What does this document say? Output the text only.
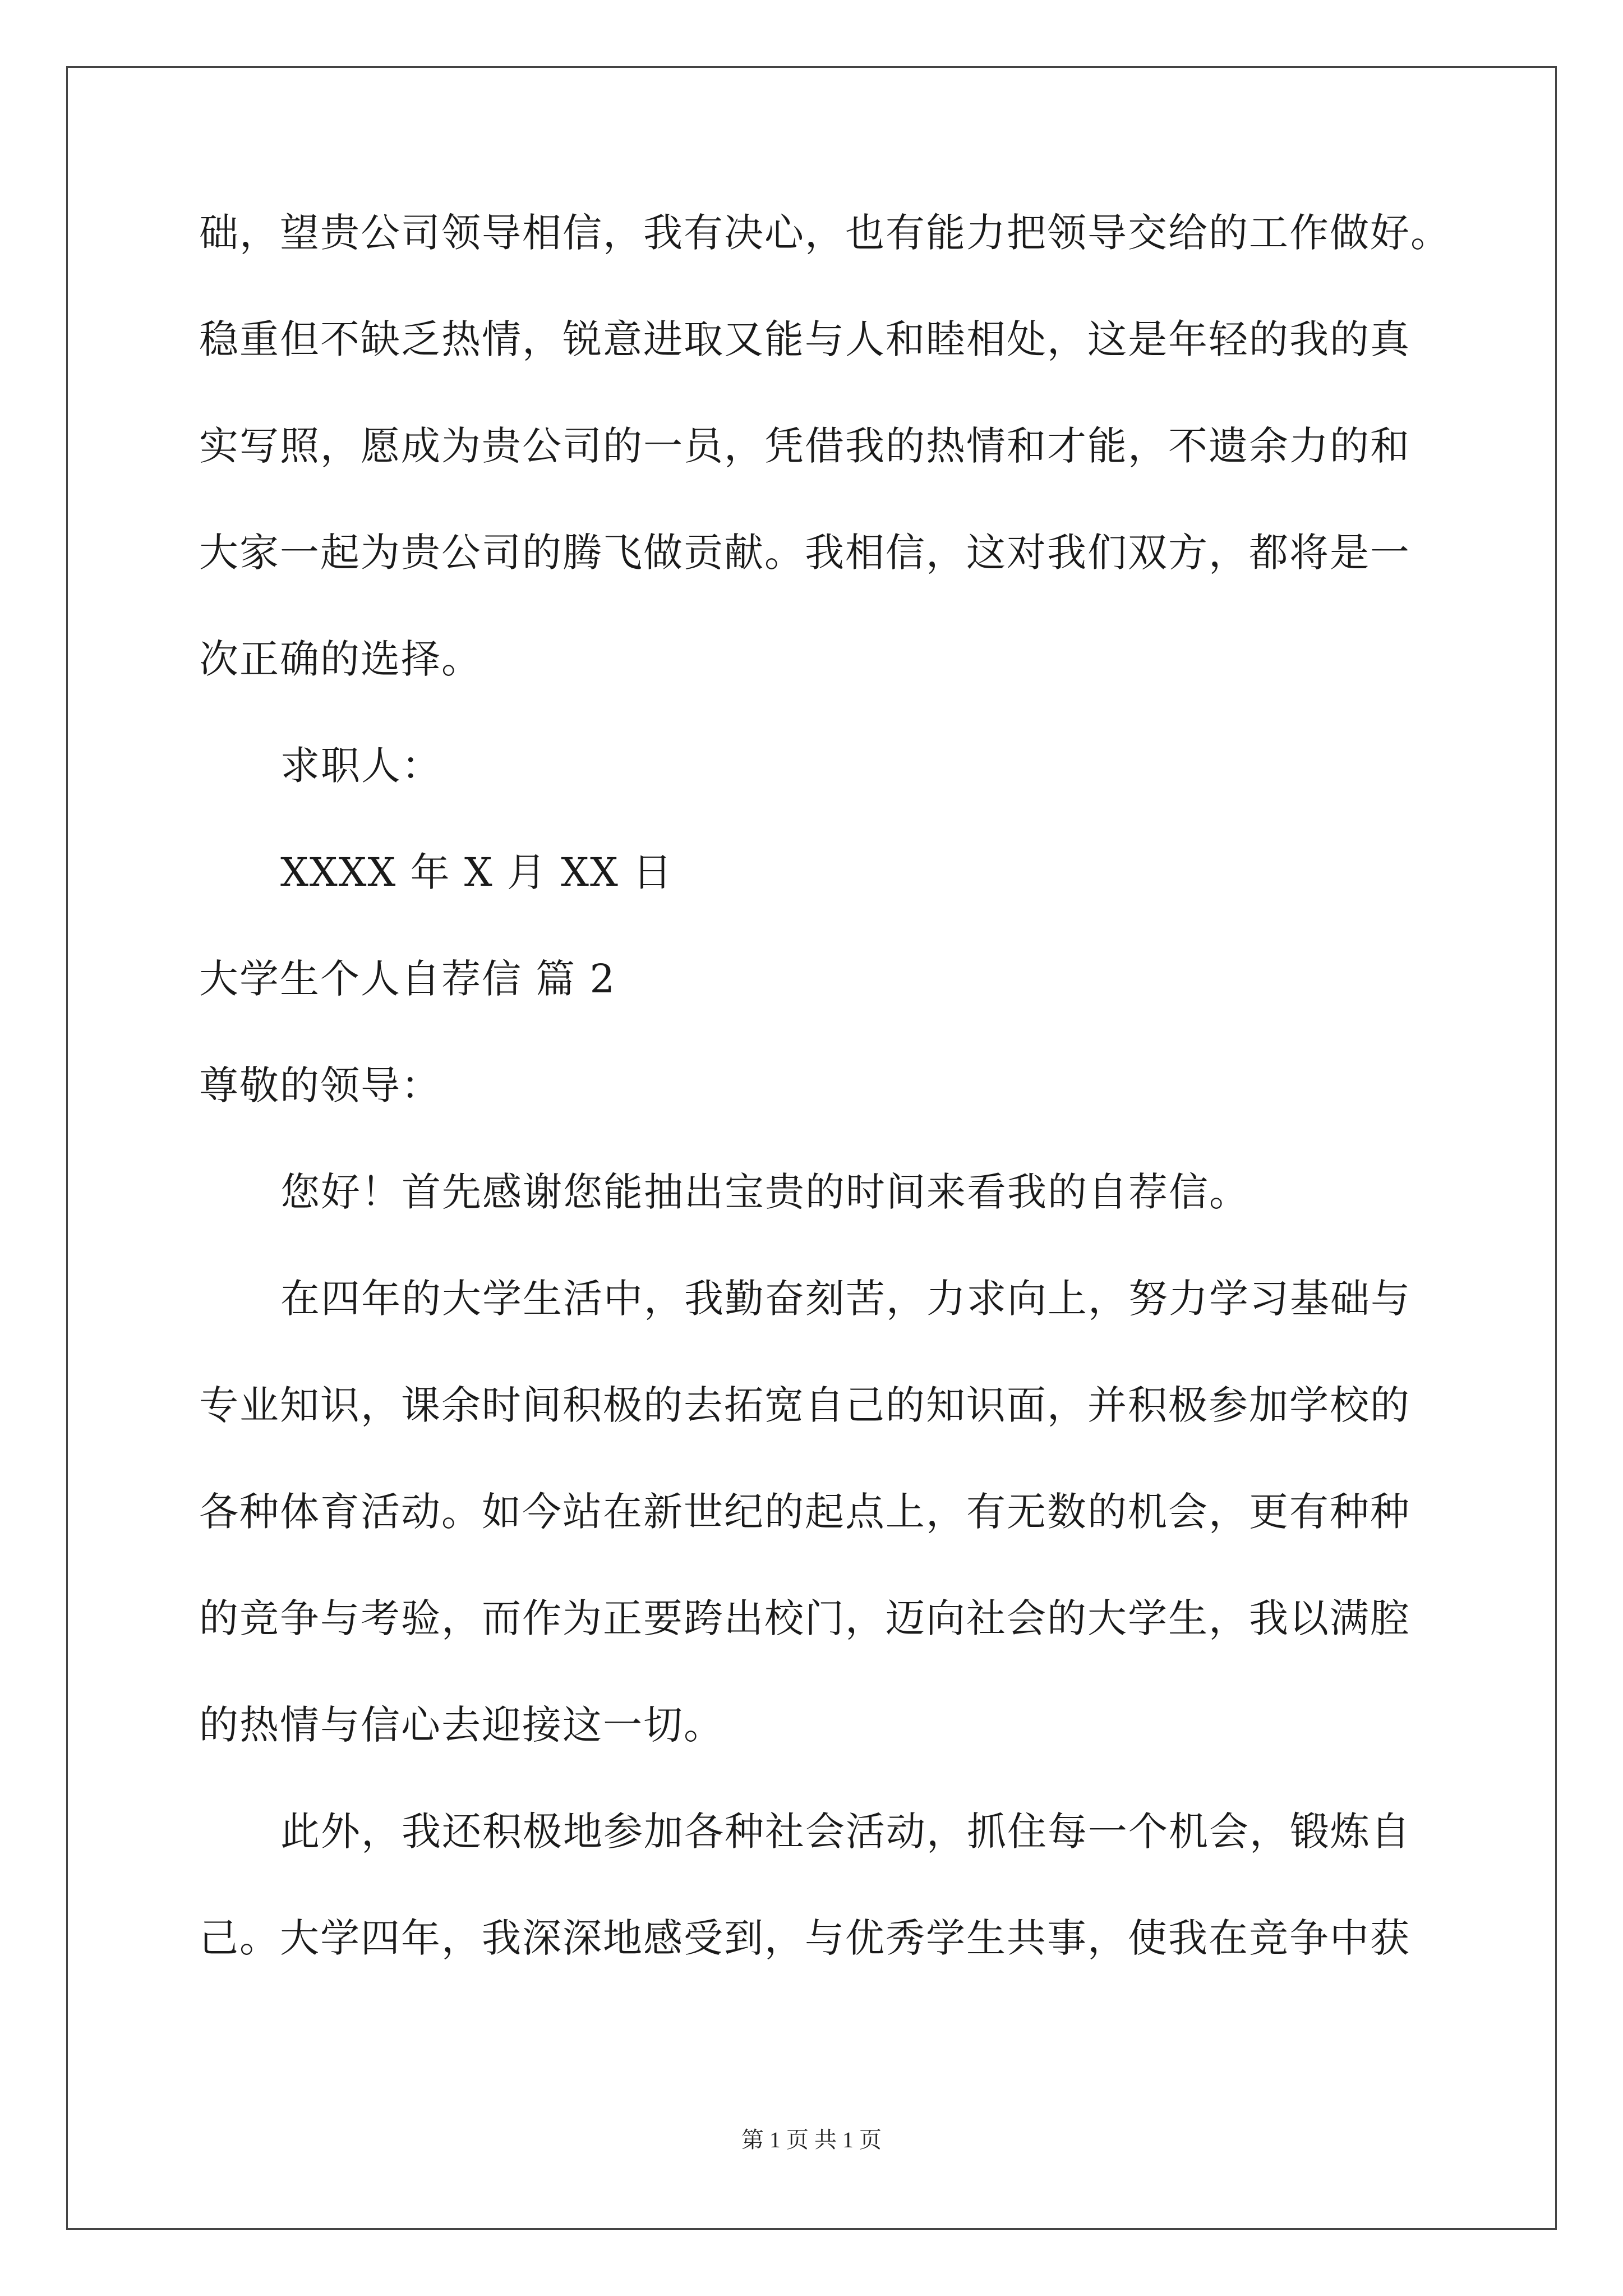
础，望贵公司领导相信，我有决心，也有能力把领导交给的工作做好。
稳重但不缺乏热情，锐意进取又能与人和睦相处，这是年轻的我的真
实写照，愿成为贵公司的一员，凭借我的热情和才能，不遗余力的和
大家一起为贵公司的腾飞做贡献。我相信，这对我们双方，都将是一
次正确的选择。
求职人：
XXXX 年 X 月 XX 日
大学生个人自荐信 篇 2
尊敬的领导：
您好！首先感谢您能抽出宝贵的时间来看我的自荐信。
在四年的大学生活中，我勤奋刻苦，力求向上，努力学习基础与
专业知识，课余时间积极的去拓宽自己的知识面，并积极参加学校的
各种体育活动。如今站在新世纪的起点上，有无数的机会，更有种种
的竞争与考验，而作为正要跨出校门，迈向社会的大学生，我以满腔
的热情与信心去迎接这一切。
此外，我还积极地参加各种社会活动，抓住每一个机会，锻炼自
己。大学四年，我深深地感受到，与优秀学生共事，使我在竞争中获
第 1 页 共 1 页
